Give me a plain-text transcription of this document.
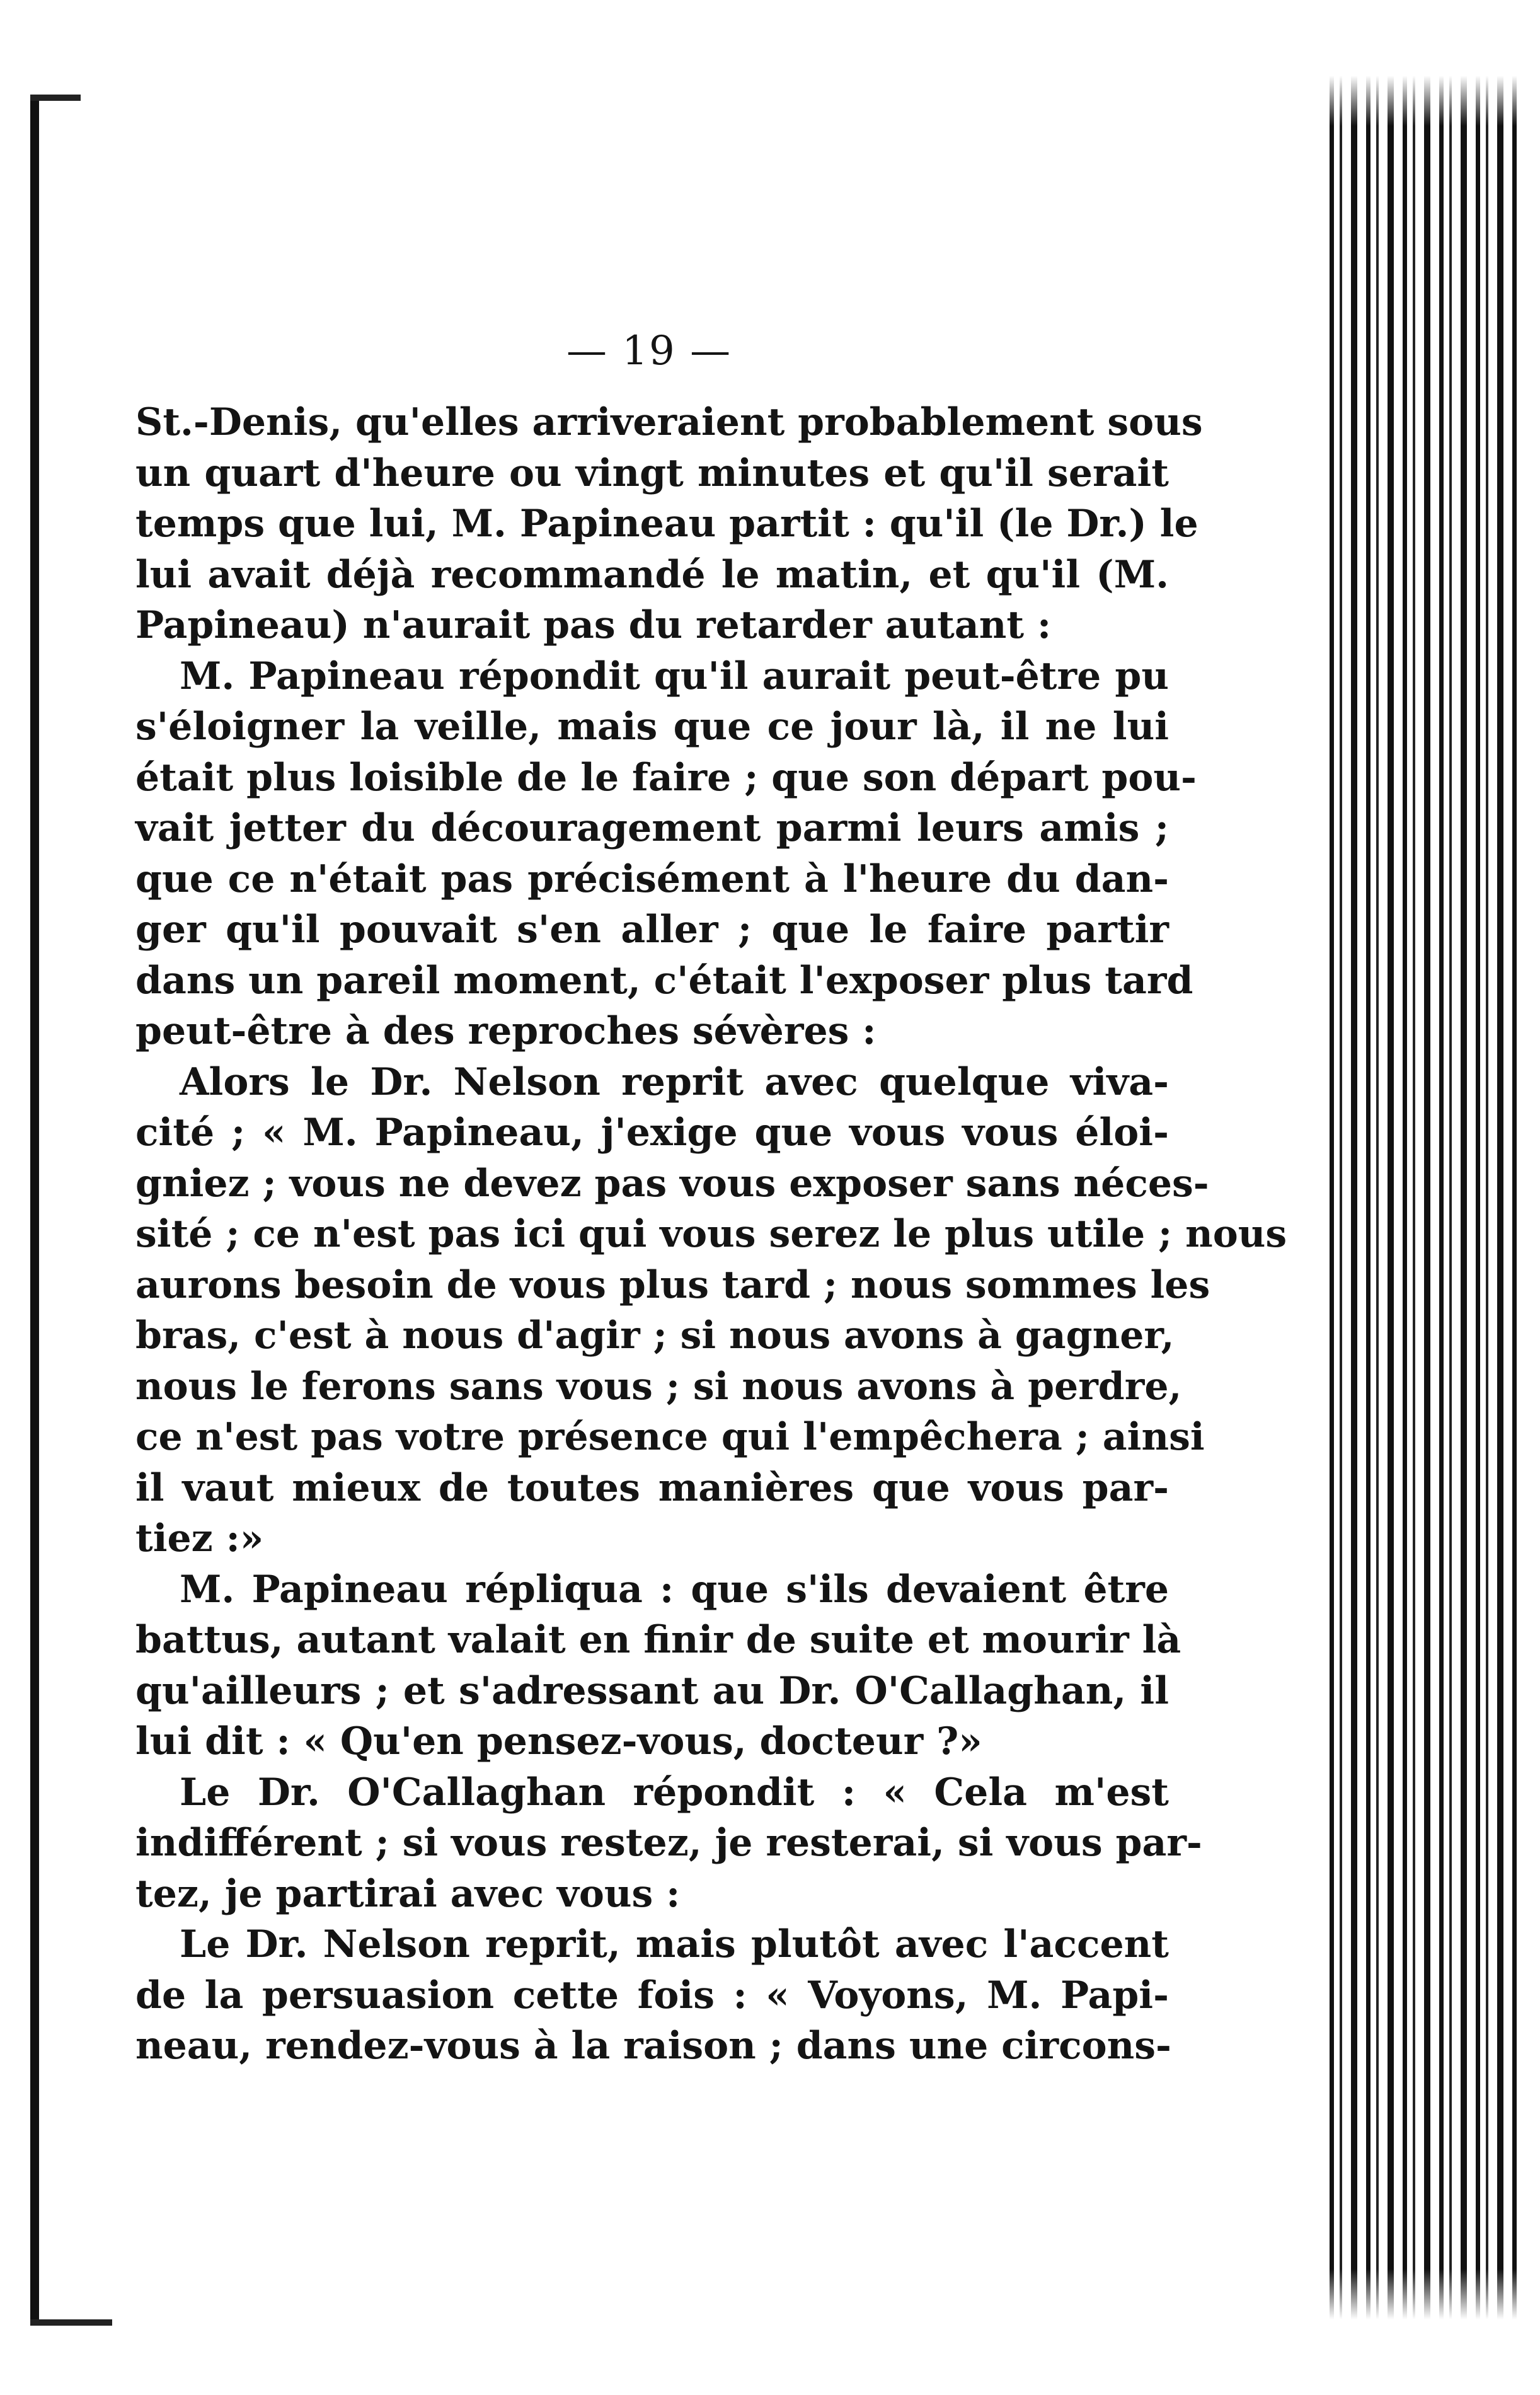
— 19 —
St.-Denis, qu'elles arriveraient probablement sous
un quart d'heure ou vingt minutes et qu'il serait
temps que lui, M. Papineau partit : qu'il (le Dr.) le
lui avait déjà recommandé le matin, et qu'il (M.
Papineau) n'aurait pas du retarder autant :
M. Papineau répondit qu'il aurait peut-être pu
s'éloigner la veille, mais que ce jour là, il ne lui
était plus loisible de le faire ; que son départ pou-
vait jetter du découragement parmi leurs amis ;
que ce n'était pas précisément à l'heure du dan-
ger qu'il pouvait s'en aller ; que le faire partir
dans un pareil moment, c'était l'exposer plus tard
peut-être à des reproches sévères :
Alors le Dr. Nelson reprit avec quelque viva-
cité ; « M. Papineau, j'exige que vous vous éloi-
gniez ; vous ne devez pas vous exposer sans néces-
sité ; ce n'est pas ici qui vous serez le plus utile ; nous
aurons besoin de vous plus tard ; nous sommes les
bras, c'est à nous d'agir ; si nous avons à gagner,
nous le ferons sans vous ; si nous avons à perdre,
ce n'est pas votre présence qui l'empêchera ; ainsi
il vaut mieux de toutes manières que vous par-
tiez :»
M. Papineau répliqua : que s'ils devaient être
battus, autant valait en finir de suite et mourir là
qu'ailleurs ; et s'adressant au Dr. O'Callaghan, il
lui dit : « Qu'en pensez-vous, docteur ?»
Le Dr. O'Callaghan répondit : « Cela m'est
indifférent ; si vous restez, je resterai, si vous par-
tez, je partirai avec vous :
Le Dr. Nelson reprit, mais plutôt avec l'accent
de la persuasion cette fois : « Voyons, M. Papi-
neau, rendez-vous à la raison ; dans une circons-
